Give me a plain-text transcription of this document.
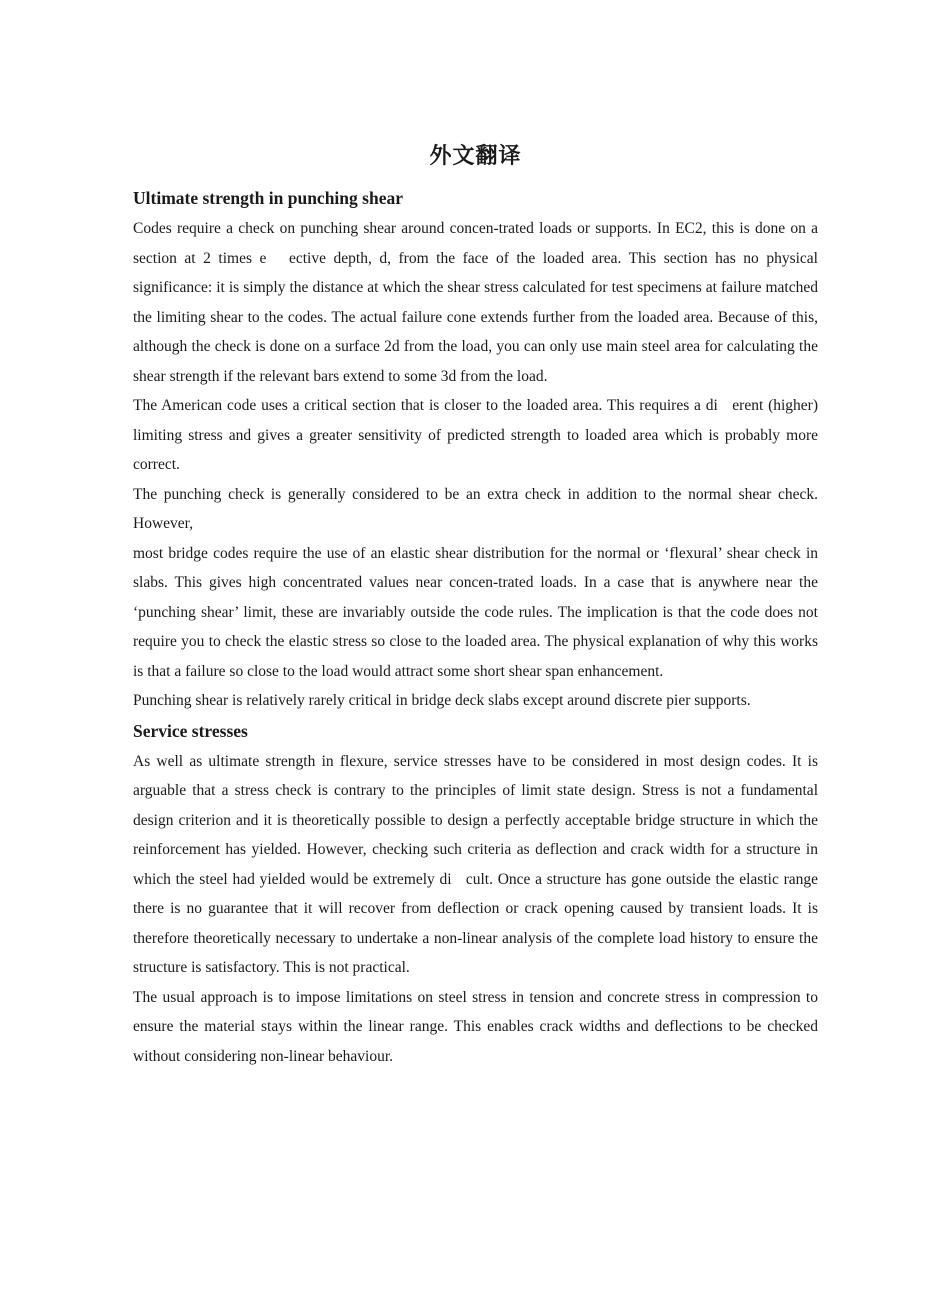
外文翻译
Ultimate strength in punching shear

Codes require a check on punching shear around concen-trated loads or supports. In EC2, this is done on a section at 2 times e   ective depth, d, from the face of the loaded area. This section has no physical significance: it is simply the distance at which the shear stress calculated for test specimens at failure matched the limiting shear to the codes. The actual failure cone extends further from the loaded area. Because of this, although the check is done on a surface 2d from the load, you can only use main steel area for calculating the shear strength if the relevant bars extend to some 3d from the load.

The American code uses a critical section that is closer to the loaded area. This requires a di   erent (higher) limiting stress and gives a greater sensitivity of predicted strength to loaded area which is probably more correct.

The punching check is generally considered to be an extra check in addition to the normal shear check. However,

most bridge codes require the use of an elastic shear distribution for the normal or ‘flexural’ shear check in slabs. This gives high concentrated values near concen-trated loads. In a case that is anywhere near the ‘punching shear’ limit, these are invariably outside the code rules. The implication is that the code does not require you to check the elastic stress so close to the loaded area. The physical explanation of why this works is that a failure so close to the load would attract some short shear span enhancement.

Punching shear is relatively rarely critical in bridge deck slabs except around discrete pier supports.

Service stresses

As well as ultimate strength in flexure, service stresses have to be considered in most design codes. It is arguable that a stress check is contrary to the principles of limit state design. Stress is not a fundamental design criterion and it is theoretically possible to design a perfectly acceptable bridge structure in which the reinforcement has yielded. However, checking such criteria as deflection and crack width for a structure in which the steel had yielded would be extremely di   cult. Once a structure has gone outside the elastic range there is no guarantee that it will recover from deflection or crack opening caused by transient loads. It is therefore theoretically necessary to undertake a non-linear analysis of the complete load history to ensure the structure is satisfactory. This is not practical.

The usual approach is to impose limitations on steel stress in tension and concrete stress in compression to ensure the material stays within the linear range. This enables crack widths and deflections to be checked without considering non-linear behaviour.
